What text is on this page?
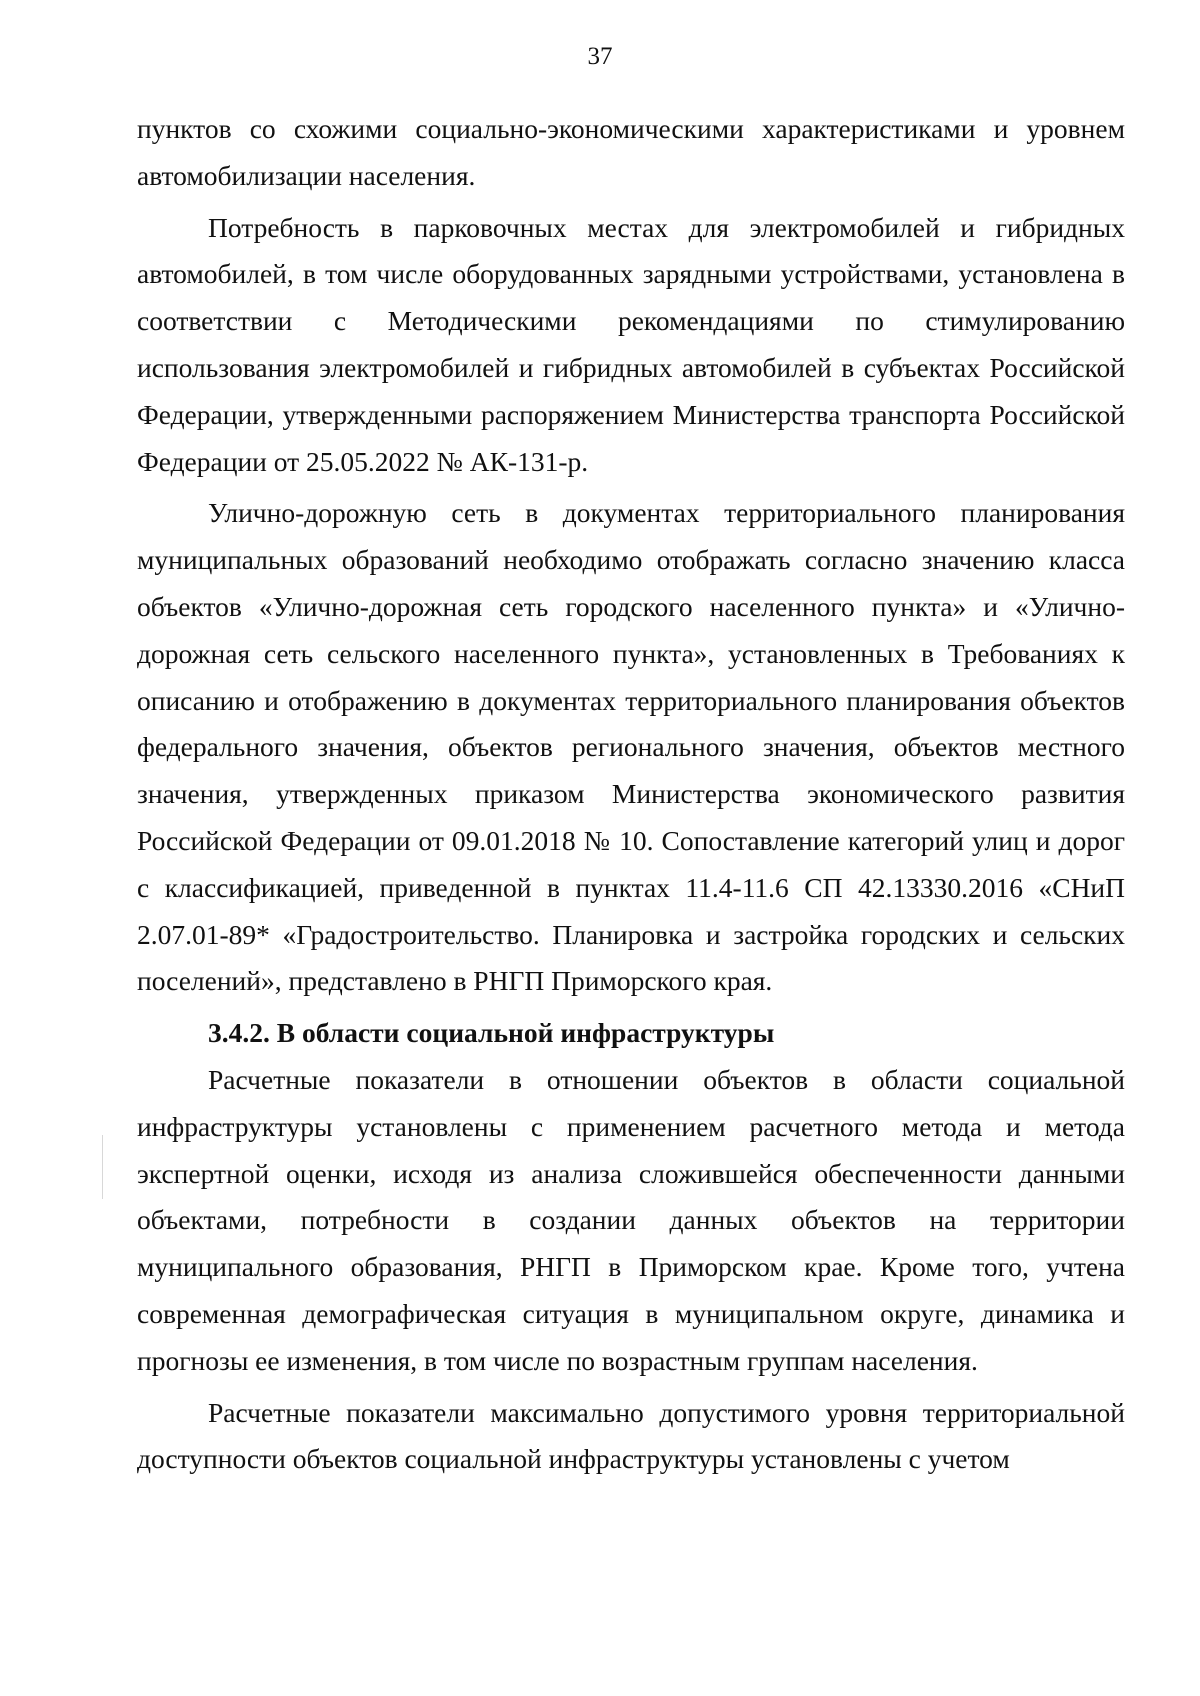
37

пунктов со схожими социально-экономическими характеристиками и уровнем автомобилизации населения.

Потребность в парковочных местах для электромобилей и гибридных автомобилей, в том числе оборудованных зарядными устройствами, установлена в соответствии с Методическими рекомендациями по стимулированию использования электромобилей и гибридных автомобилей в субъектах Российской Федерации, утвержденными распоряжением Министерства транспорта Российской Федерации от 25.05.2022 № АК-131-р.

Улично-дорожную сеть в документах территориального планирования муниципальных образований необходимо отображать согласно значению класса объектов «Улично-дорожная сеть городского населенного пункта» и «Улично-дорожная сеть сельского населенного пункта», установленных в Требованиях к описанию и отображению в документах территориального планирования объектов федерального значения, объектов регионального значения, объектов местного значения, утвержденных приказом Министерства экономического развития Российской Федерации от 09.01.2018 № 10. Сопоставление категорий улиц и дорог с классификацией, приведенной в пунктах 11.4-11.6 СП 42.13330.2016 «СНиП 2.07.01-89* «Градостроительство. Планировка и застройка городских и сельских поселений», представлено в РНГП Приморского края.

3.4.2. В области социальной инфраструктуры

Расчетные показатели в отношении объектов в области социальной инфраструктуры установлены с применением расчетного метода и метода экспертной оценки, исходя из анализа сложившейся обеспеченности данными объектами, потребности в создании данных объектов на территории муниципального образования, РНГП в Приморском крае. Кроме того, учтена современная демографическая ситуация в муниципальном округе, динамика и прогнозы ее изменения, в том числе по возрастным группам населения.

Расчетные показатели максимально допустимого уровня территориальной доступности объектов социальной инфраструктуры установлены с учетом
